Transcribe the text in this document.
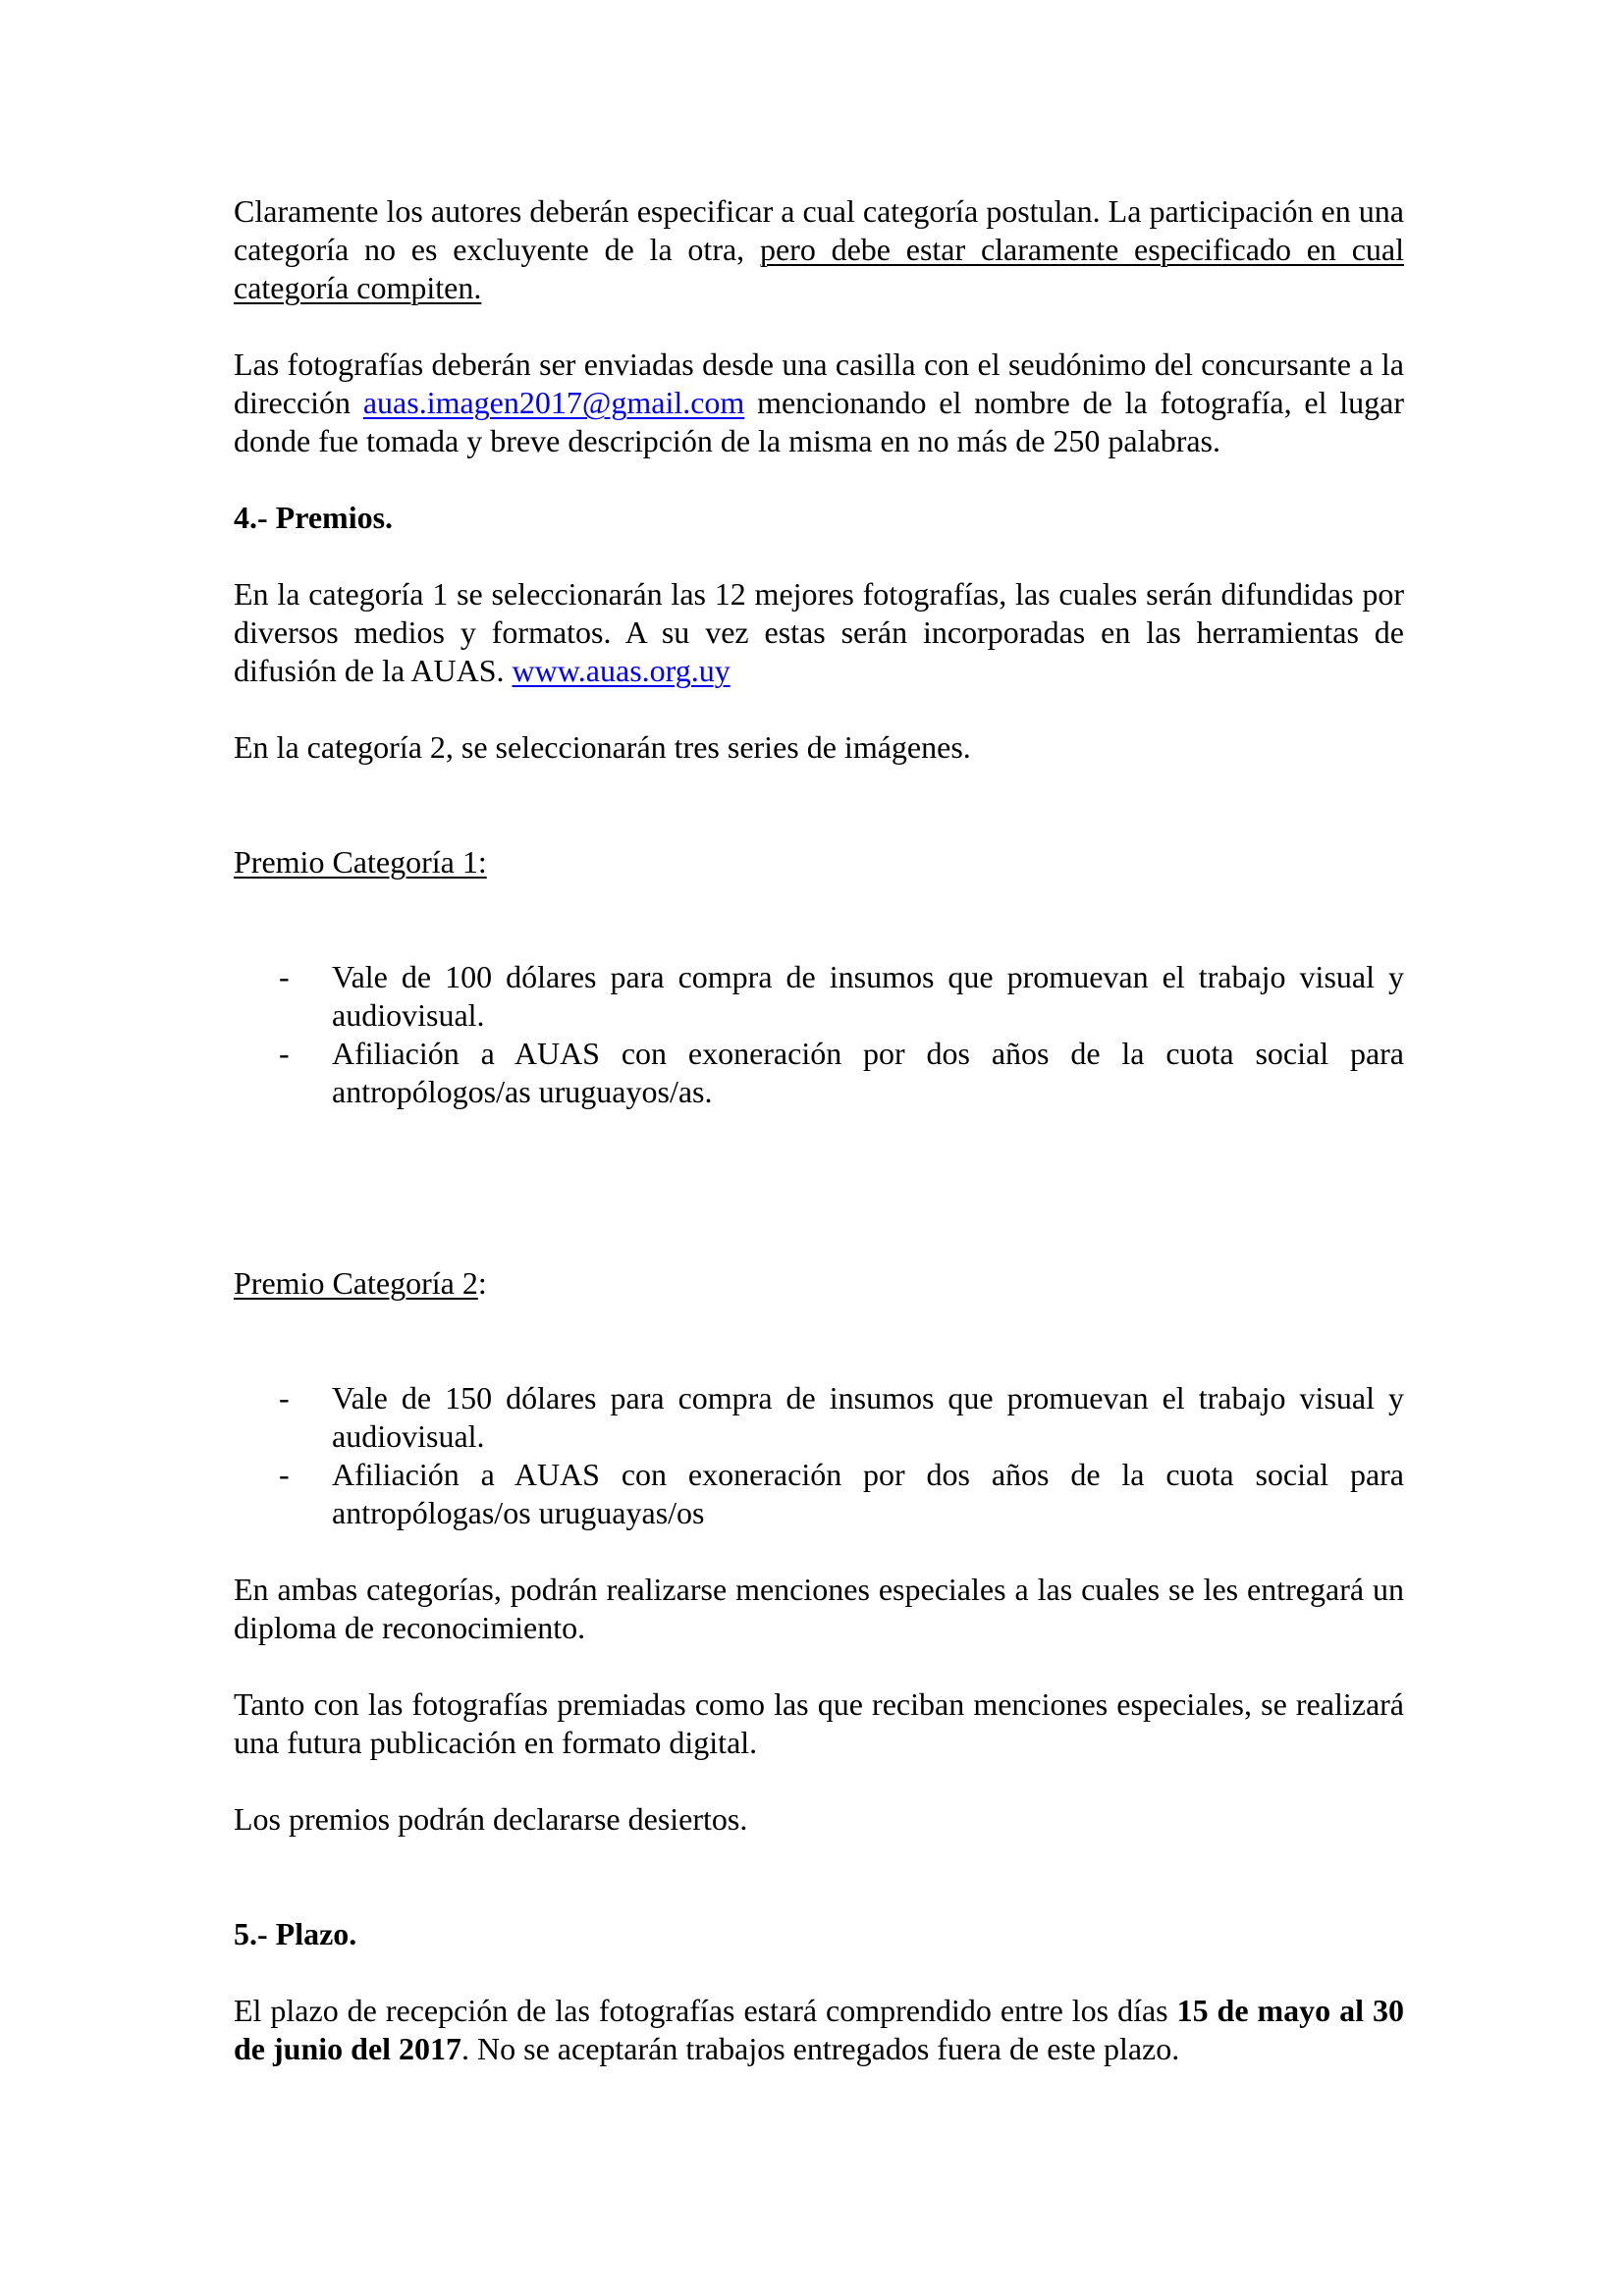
Claramente los autores deberán especificar a cual categoría postulan. La participación en una categoría no es excluyente de la otra, pero debe estar claramente especificado en cual categoría compiten.

Las fotografías deberán ser enviadas desde una casilla con el seudónimo del concursante a la dirección auas.imagen2017@gmail.com mencionando el nombre de la fotografía, el lugar donde fue tomada y breve descripción de la misma en no más de 250 palabras.

4.- Premios.

En la categoría 1 se seleccionarán las 12 mejores fotografías, las cuales serán difundidas por diversos medios y formatos. A su vez estas serán incorporadas en las herramientas de difusión de la AUAS. www.auas.org.uy

En la categoría 2, se seleccionarán tres series de imágenes.

Premio Categoría 1:

- Vale de 100 dólares para compra de insumos que promuevan el trabajo visual y audiovisual.
- Afiliación a AUAS con exoneración por dos años de la cuota social para antropólogos/as uruguayos/as.

Premio Categoría 2:

- Vale de 150 dólares para compra de insumos que promuevan el trabajo visual y audiovisual.
- Afiliación a AUAS con exoneración por dos años de la cuota social para antropólogas/os uruguayas/os

En ambas categorías, podrán realizarse menciones especiales a las cuales se les entregará un diploma de reconocimiento.

Tanto con las fotografías premiadas como las que reciban menciones especiales, se realizará una futura publicación en formato digital.

Los premios podrán declararse desiertos.

5.- Plazo.

El plazo de recepción de las fotografías estará comprendido entre los días 15 de mayo al 30 de junio del 2017. No se aceptarán trabajos entregados fuera de este plazo.
